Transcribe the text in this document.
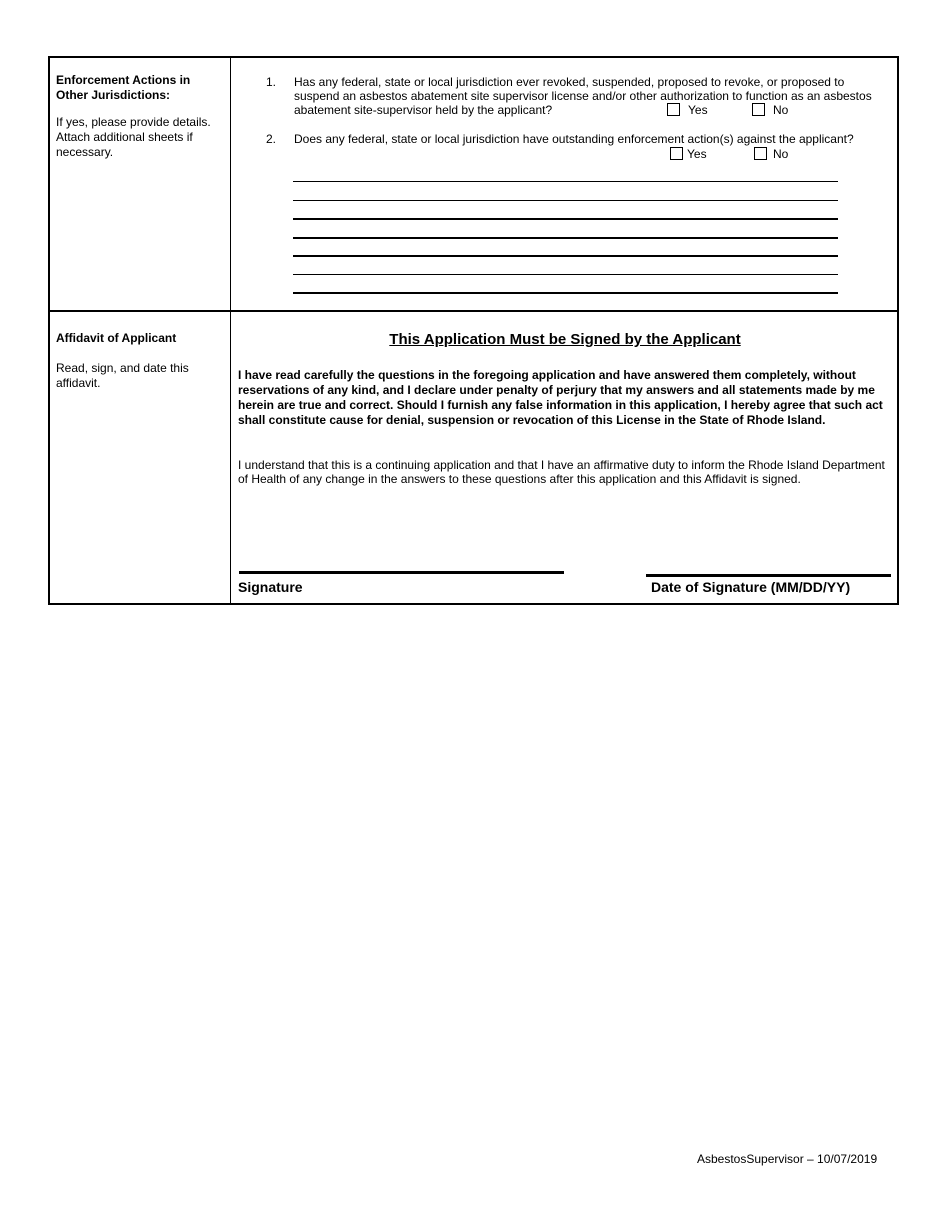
Enforcement Actions in Other Jurisdictions:
If yes, please provide details. Attach additional sheets if necessary.
1. Has any federal, state or local jurisdiction ever revoked, suspended, proposed to revoke, or proposed to suspend an asbestos abatement site supervisor license and/or other authorization to function as an asbestos abatement site-supervisor held by the applicant?	Yes	No
2. Does any federal, state or local jurisdiction have outstanding enforcement action(s) against the applicant?
Yes	No
Affidavit of Applicant
Read, sign, and date this affidavit.
This Application Must be Signed by the Applicant
I have read carefully the questions in the foregoing application and have answered them completely, without reservations of any kind, and I declare under penalty of perjury that my answers and all statements made by me herein are true and correct. Should I furnish any false information in this application, I hereby agree that such act shall constitute cause for denial, suspension or revocation of this License in the State of Rhode Island.
I understand that this is a continuing application and that I have an affirmative duty to inform the Rhode Island Department of Health of any change in the answers to these questions after this application and this Affidavit is signed.
Signature	Date of Signature (MM/DD/YY)
AsbestosSupervisor – 10/07/2019
